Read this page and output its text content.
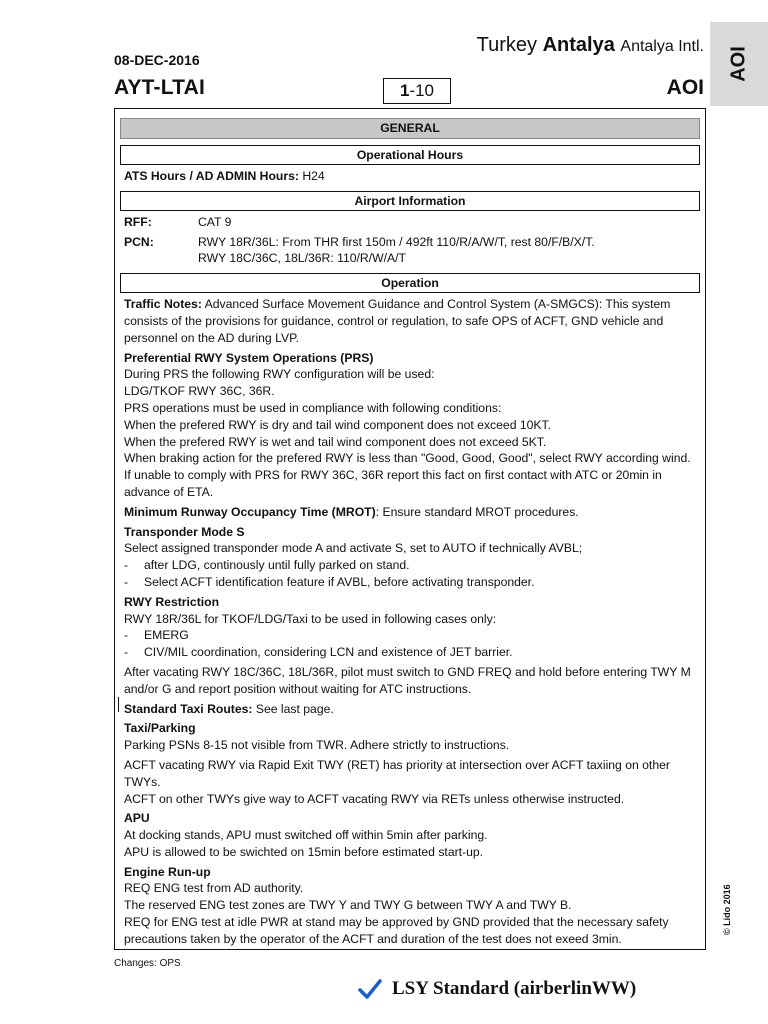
AOI
08-DEC-2016
AYT-LTAI
Turkey Antalya Antalya Intl.
1-10	AOI
GENERAL
Operational Hours
ATS Hours / AD ADMIN Hours: H24
Airport Information
RFF:	CAT 9
PCN:	RWY 18R/36L: From THR first 150m / 492ft 110/R/A/W/T, rest 80/F/B/X/T.
RWY 18C/36C, 18L/36R: 110/R/W/A/T
Operation
Traffic Notes: Advanced Surface Movement Guidance and Control System (A-SMGCS): This system consists of the provisions for guidance, control or regulation, to safe OPS of ACFT, GND vehicle and personnel on the AD during LVP.
Preferential RWY System Operations (PRS)
During PRS the following RWY configuration will be used:
LDG/TKOF RWY 36C, 36R.
PRS operations must be used in compliance with following conditions:
When the prefered RWY is dry and tail wind component does not exceed 10KT.
When the prefered RWY is wet and tail wind component does not exceed 5KT.
When braking action for the prefered RWY is less than "Good, Good, Good", select RWY according wind.
If unable to comply with PRS for RWY 36C, 36R report this fact on first contact with ATC or 20min in advance of ETA.
Minimum Runway Occupancy Time (MROT): Ensure standard MROT procedures.
Transponder Mode S
Select assigned transponder mode A and activate S, set to AUTO if technically AVBL;
-	after LDG, continously until fully parked on stand.
-	Select ACFT identification feature if AVBL, before activating transponder.
RWY Restriction
RWY 18R/36L for TKOF/LDG/Taxi to be used in following cases only:
-	EMERG
-	CIV/MIL coordination, considering LCN and existence of JET barrier.
After vacating RWY 18C/36C, 18L/36R, pilot must switch to GND FREQ and hold before entering TWY M and/or G and report position without waiting for ATC instructions.
Standard Taxi Routes: See last page.
Taxi/Parking
Parking PSNs 8-15 not visible from TWR. Adhere strictly to instructions.
ACFT vacating RWY via Rapid Exit TWY (RET) has priority at intersection over ACFT taxiing on other TWYs.
ACFT on other TWYs give way to ACFT vacating RWY via RETs unless otherwise instructed.
APU
At docking stands, APU must switched off within 5min after parking.
APU is allowed to be swichted on 15min before estimated start-up.
Engine Run-up
REQ ENG test from AD authority.
The reserved ENG test zones are TWY Y and TWY G between TWY A and TWY B.
REQ for ENG test at idle PWR at stand may be approved by GND provided that the necessary safety precautions taken by the operator of the ACFT and duration of the test does not exeed 3min.
Changes: OPS
© Lido 2016
LSY Standard (airberlinWW)
